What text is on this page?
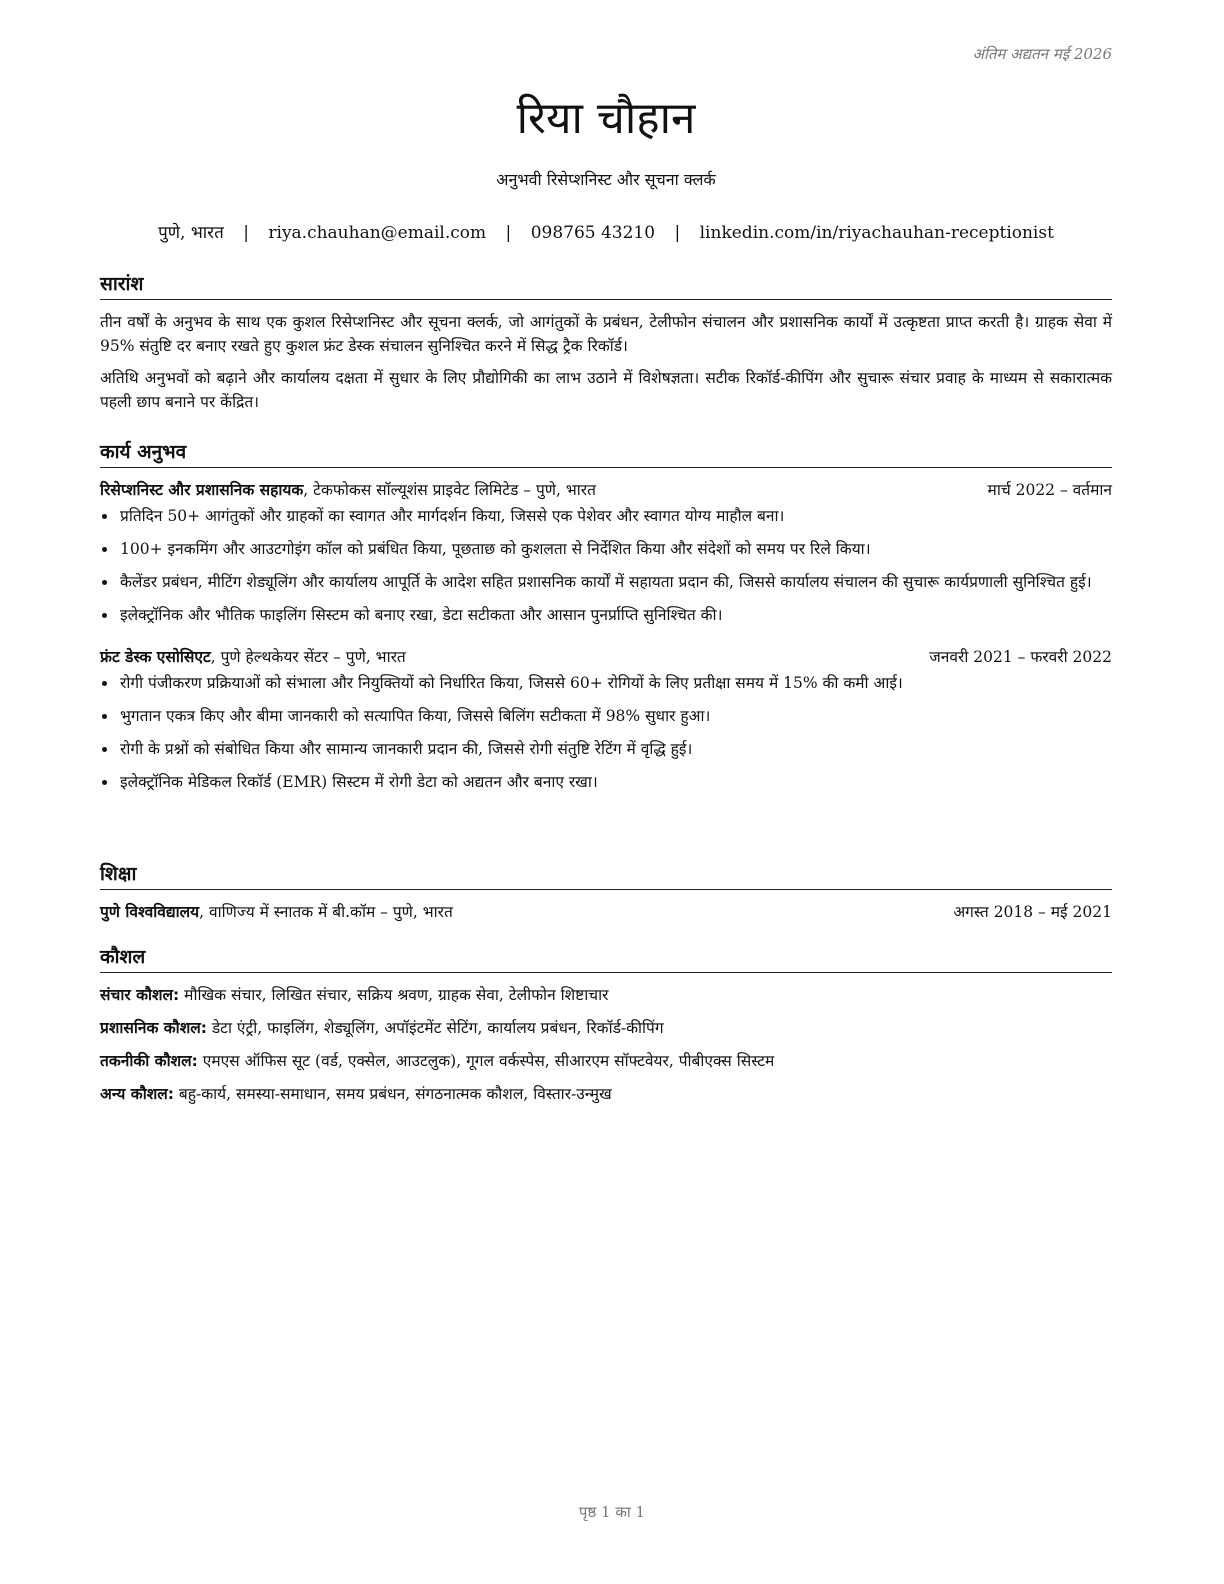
अंतिम अद्यतन मई 2026
रिया चौहान
अनुभवी रिसेप्शनिस्ट और सूचना क्लर्क
पुणे, भारत | riya.chauhan@email.com | 098765 43210 | linkedin.com/in/riyachauhan-receptionist
सारांश

तीन वर्षों के अनुभव के साथ एक कुशल रिसेप्शनिस्ट और सूचना क्लर्क, जो आगंतुकों के प्रबंधन, टेलीफोन संचालन और प्रशासनिक कार्यों में उत्कृष्टता प्राप्त करती है। ग्राहक सेवा में 95% संतुष्टि दर बनाए रखते हुए कुशल फ्रंट डेस्क संचालन सुनिश्चित करने में सिद्ध ट्रैक रिकॉर्ड।

अतिथि अनुभवों को बढ़ाने और कार्यालय दक्षता में सुधार के लिए प्रौद्योगिकी का लाभ उठाने में विशेषज्ञता। सटीक रिकॉर्ड-कीपिंग और सुचारू संचार प्रवाह के माध्यम से सकारात्मक पहली छाप बनाने पर केंद्रित।

कार्य अनुभव
रिसेप्शनिस्ट और प्रशासनिक सहायक, टेकफोकस सॉल्यूशंस प्राइवेट लिमिटेड – पुणे, भारत	मार्च 2022 – वर्तमान
• प्रतिदिन 50+ आगंतुकों और ग्राहकों का स्वागत और मार्गदर्शन किया, जिससे एक पेशेवर और स्वागत योग्य माहौल बना।
• 100+ इनकमिंग और आउटगोइंग कॉल को प्रबंधित किया, पूछताछ को कुशलता से निर्देशित किया और संदेशों को समय पर रिले किया।
• कैलेंडर प्रबंधन, मीटिंग शेड्यूलिंग और कार्यालय आपूर्ति के आदेश सहित प्रशासनिक कार्यों में सहायता प्रदान की, जिससे कार्यालय संचालन की सुचारू कार्यप्रणाली सुनिश्चित हुई।
• इलेक्ट्रॉनिक और भौतिक फाइलिंग सिस्टम को बनाए रखा, डेटा सटीकता और आसान पुनर्प्राप्ति सुनिश्चित की।
फ्रंट डेस्क एसोसिएट, पुणे हेल्थकेयर सेंटर – पुणे, भारत	जनवरी 2021 – फरवरी 2022
• रोगी पंजीकरण प्रक्रियाओं को संभाला और नियुक्तियों को निर्धारित किया, जिससे 60+ रोगियों के लिए प्रतीक्षा समय में 15% की कमी आई।
• भुगतान एकत्र किए और बीमा जानकारी को सत्यापित किया, जिससे बिलिंग सटीकता में 98% सुधार हुआ।
• रोगी के प्रश्नों को संबोधित किया और सामान्य जानकारी प्रदान की, जिससे रोगी संतुष्टि रेटिंग में वृद्धि हुई।
• इलेक्ट्रॉनिक मेडिकल रिकॉर्ड (EMR) सिस्टम में रोगी डेटा को अद्यतन और बनाए रखा।
शिक्षा
पुणे विश्वविद्यालय, वाणिज्य में स्नातक में बी.कॉम – पुणे, भारत	अगस्त 2018 – मई 2021
कौशल
संचार कौशल: मौखिक संचार, लिखित संचार, सक्रिय श्रवण, ग्राहक सेवा, टेलीफोन शिष्टाचार
प्रशासनिक कौशल: डेटा एंट्री, फाइलिंग, शेड्यूलिंग, अपॉइंटमेंट सेटिंग, कार्यालय प्रबंधन, रिकॉर्ड-कीपिंग
तकनीकी कौशल: एमएस ऑफिस सूट (वर्ड, एक्सेल, आउटलुक), गूगल वर्कस्पेस, सीआरएम सॉफ्टवेयर, पीबीएक्स सिस्टम
अन्य कौशल: बहु-कार्य, समस्या-समाधान, समय प्रबंधन, संगठनात्मक कौशल, विस्तार-उन्मुख
पृष्ठ 1 का 1
